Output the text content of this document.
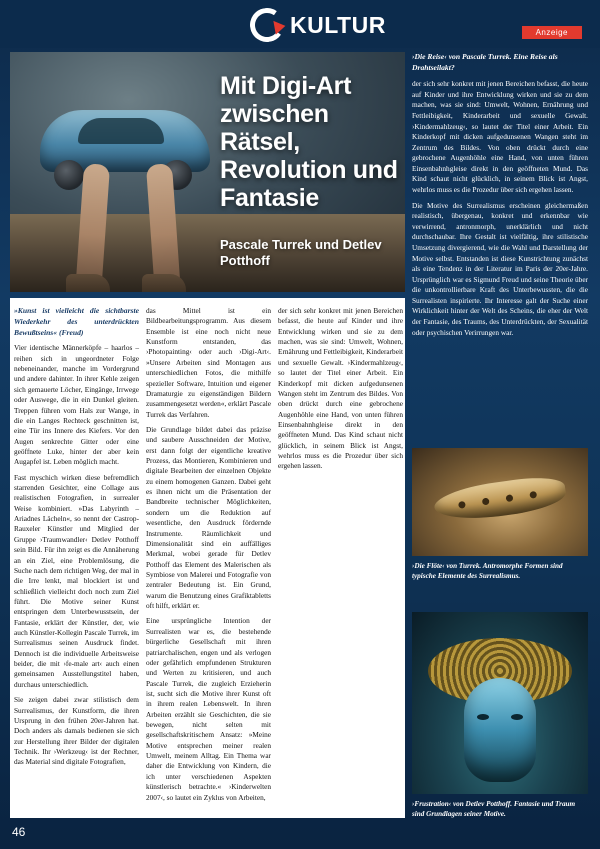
KULTUR	Anzeige
Mit Digi-Art zwischen Rätsel, Revolution und Fantasie
Pascale Turrek und Detlev Potthoff

»Kunst ist vielleicht die sichtbarste Wiederkehr des unterdrückten Bewußtseins« (Freud)

Vier identische Männerköpfe – haarlos – reihen sich in ungeordneter Folge nebeneinander, manche im Vordergrund und andere dahinter. In ihrer Kehle zeigen sich gemauerte Löcher, Eingänge, Irrwege oder Auswege, die in ein Dunkel gleiten. Treppen führen vom Hals zur Wange, in die ein Langes Rechteck geschnitten ist, eine Tür ins Innere des Kiefers. Vor den Augen senkrechte Gitter oder eine geöffnete Luke, hinter der aber kein Augapfel ist. Leben möglich macht.

Fast myschich wirken diese befremdlich starrenden Gesichter, eine Collage aus realistischen Fotografien, in surrealer Weise kombiniert. »Das Labyrinth – Ariadnes Lächeln«, so nennt der Castrop-Rauxeler Künstler und Mitglied der Gruppe ›Traumwandler‹ Detlev Potthoff sein Bild. Für ihn zeigt es die Annäherung an ein Ziel, eine Problemlösung, die Suche nach dem richtigen Weg, der mal in die Irre lenkt, mal blockiert ist und schließlich vielleicht doch noch zum Ziel führt. Die Motive seiner Kunst entspringen dem Unterbewusstsein, der Fantasie, erklärt der Künstler, der, wie auch Künstler-Kollegin Pascale Turrek, im Surrealismus seinen Ausdruck findet. Dennoch ist die individuelle Arbeitsweise beider, die mit ›fe-male art‹ auch einen gemeinsamen Ausstellungstitel haben, durchaus unterschiedlich.

Sie zeigen dabei zwar stilistisch dem Surrealismus, der Kunstform, die ihren Ursprung in den frühen 20er-Jahren hat. Doch anders als damals bedienen sie sich zur Herstellung ihrer Bilder der digitalen Technik. Ihr ›Werkzeug‹ ist der Rechner, das Material sind digitale Fotografien,

das Mittel ist ein Bildbearbeitungsprogramm. Aus diesem Ensemble ist eine noch nicht neue Kunstform entstanden, das ›Photopainting‹ oder auch ›Digi-Art‹. »Unsere Arbeiten sind Montagen aus unterschiedlichen Fotos, die mithilfe spezieller Software, Intuition und eigener Dramaturgie zu eigenständigen Bildern zusammengesetzt werden«, erklärt Pascale Turrek das Verfahren.

Die Grundlage bildet dabei das präzise und saubere Ausschneiden der Motive, erst dann folgt der eigentliche kreative Prozess, das Montieren, Kombinieren und digitale Bearbeiten der einzelnen Objekte zu einem homogenen Ganzen. Dabei geht es ihnen nicht um die Präsentation der Bandbreite technischer Möglichkeiten, sondern um die Reduktion auf wesentliche, den Ausdruck fördernde Instrumente. Räumlichkeit und Dimensionalität sind ein auffälliges Merkmal, wobei gerade für Detlev Potthoff das Element des Malerischen als Symbiose von Malerei und Fotografie von zentraler Bedeutung ist. Ein Grund, warum die Benutzung eines Grafiktabletts oft hilft, erklärt er.

Eine ursprüngliche Intention der Surrealisten war es, die bestehende bürgerliche Gesellschaft mit ihren patriarchalischen, engen und als verlogen oder gefährlich empfundenen Strukturen und Werten zu kritisieren, und auch Pascale Turrek, die zugleich Erzieherin ist, sucht sich die Motive ihrer Kunst oft in ihrem realen Lebenswelt. In ihren Arbeiten erzählt sie Geschichten, die sie bewegen, nicht selten mit gesellschaftskritischem Ansatz: »Meine Motive entsprechen meiner realen Umwelt, meinem Alltag. Ein Thema war daher die Entwicklung von Kindern, die ich unter verschiedenen Aspekten künstlerisch betrachte.« ›Kinderwelten 2007‹, so lautet ein Zyklus von Arbeiten,

der sich sehr konkret mit jenen Bereichen befasst, die heute auf Kinder und ihre Entwicklung wirken und sie zu dem machen, was sie sind: Umwelt, Wohnen, Ernährung und Fettleibigkeit, Kinderarbeit und sexuelle Gewalt. ›Kindermahlzeug‹, so lautet der Titel einer Arbeit. Ein Kinderkopf mit dicken aufgedunsenen Wangen steht im Zentrum des Bildes. Von oben drückt durch eine gebrochene Augenhöhle eine Hand, von unten führen Einsenbahnhgleise direkt in den geöffneten Mund. Das Kind schaut nicht glücklich, in seinem Blick ist Angst, wehrlos muss es die Prozedur über sich ergehen lassen.

›Die Reise‹ von Pascale Turrek. Eine Reise als Drahtseilakt?

der sich sehr konkret mit jenen Bereichen befasst, die heute auf Kinder und ihre Entwicklung wirken und sie zu dem machen, was sie sind: Umwelt, Wohnen, Ernährung und Fettleibigkeit, Kinderarbeit und sexuelle Gewalt. ›Kindermahlzeug‹, so lautet der Titel einer Arbeit. Ein Kinderkopf mit dicken aufgedunsenen Wangen steht im Zentrum des Bildes. Von oben drückt durch eine gebrochene Augenhöhle eine Hand, von unten führen Einsenbahnhgleise direkt in den geöffneten Mund. Das Kind schaut nicht glücklich, in seinem Blick ist Angst, wehrlos muss es die Prozedur über sich ergehen lassen.

Die Motive des Surrealismus erscheinen gleichermaßen realistisch, übergenau, konkret und erkennbar wie verwirrend, antronmorph, unerklärlich und nicht durchschaubar. Ihre Gestalt ist vielfältig, ihre stilistische Umsetzung divergierend, wie die Wahl und Darstellung der Motive selbst. Entstanden ist diese Kunstrichtung zunächst als eine Tendenz in der Literatur im Paris der 20er-Jahre. Ursprünglich war es Sigmund Freud und seine Theorie über die unkontrollierbare Kraft des Unterbewussten, die die Surrealisten inspirierte. Ihr Interesse galt der Suche einer Wirklichkeit hinter der Welt des Scheins, die eher der Welt der Fantasie, des Traums, des Unterdrückten, der Sexualität oder psychischen Verirrungen war.

›Die Flöte‹ von Turrek. Antromorphe Formen sind typische Elemente des Surrealismus.
›Frustration‹ von Detlev Potthoff. Fantasie und Traum sind Grundlagen seiner Motive.
46
